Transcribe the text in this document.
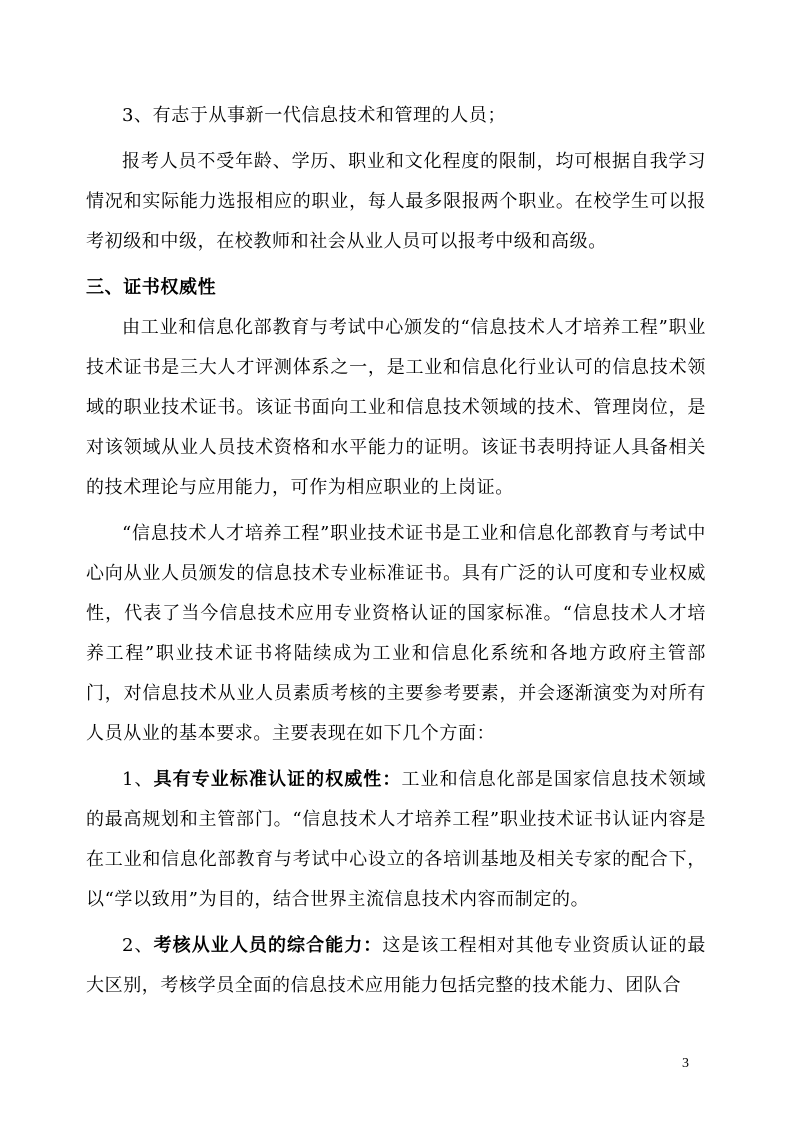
3、有志于从事新一代信息技术和管理的人员；

报考人员不受年龄、学历、职业和文化程度的限制，均可根据自我学习情况和实际能力选报相应的职业，每人最多限报两个职业。在校学生可以报考初级和中级，在校教师和社会从业人员可以报考中级和高级。

三、证书权威性

由工业和信息化部教育与考试中心颁发的“信息技术人才培养工程”职业技术证书是三大人才评测体系之一，是工业和信息化行业认可的信息技术领域的职业技术证书。该证书面向工业和信息技术领域的技术、管理岗位，是对该领域从业人员技术资格和水平能力的证明。该证书表明持证人具备相关的技术理论与应用能力，可作为相应职业的上岗证。

“信息技术人才培养工程”职业技术证书是工业和信息化部教育与考试中心向从业人员颁发的信息技术专业标准证书。具有广泛的认可度和专业权威性，代表了当今信息技术应用专业资格认证的国家标准。“信息技术人才培养工程”职业技术证书将陆续成为工业和信息化系统和各地方政府主管部门，对信息技术从业人员素质考核的主要参考要素，并会逐渐演变为对所有人员从业的基本要求。主要表现在如下几个方面：

1、具有专业标准认证的权威性：工业和信息化部是国家信息技术领域的最高规划和主管部门。“信息技术人才培养工程”职业技术证书认证内容是在工业和信息化部教育与考试中心设立的各培训基地及相关专家的配合下，以“学以致用”为目的，结合世界主流信息技术内容而制定的。

2、考核从业人员的综合能力：这是该工程相对其他专业资质认证的最大区别，考核学员全面的信息技术应用能力包括完整的技术能力、团队合

3
